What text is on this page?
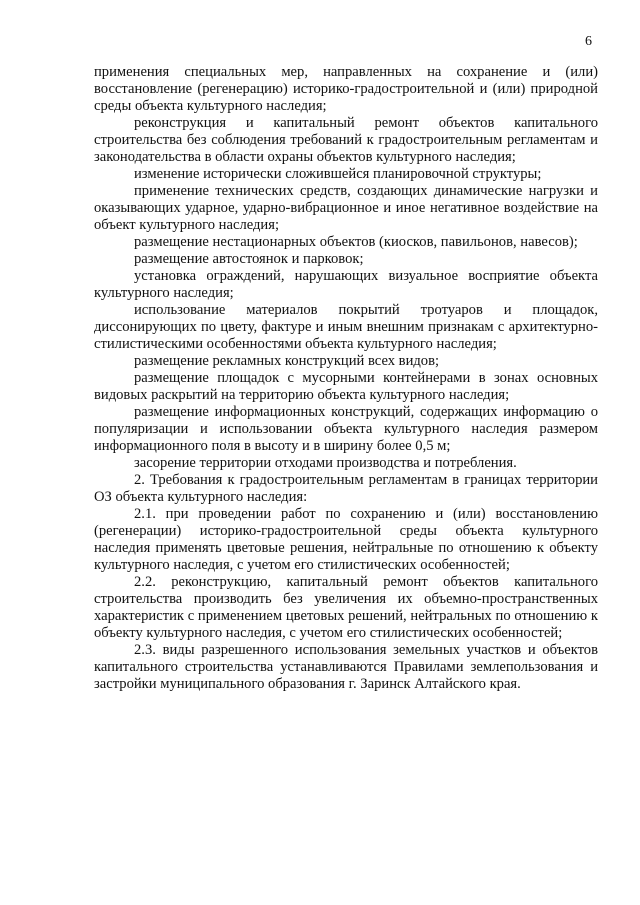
6

применения специальных мер, направленных на сохранение и (или) восстановление (регенерацию) историко-градостроительной и (или) природной среды объекта культурного наследия;

реконструкция и капитальный ремонт объектов капитального строительства без соблюдения требований к градостроительным регламентам и законодательства в области охраны объектов культурного наследия;

изменение исторически сложившейся планировочной структуры;

применение технических средств, создающих динамические нагрузки и оказывающих ударное, ударно-вибрационное и иное негативное воздействие на объект культурного наследия;

размещение нестационарных объектов (киосков, павильонов, навесов);

размещение автостоянок и парковок;

установка ограждений, нарушающих визуальное восприятие объекта культурного наследия;

использование материалов покрытий тротуаров и площадок, диссонирующих по цвету, фактуре и иным внешним признакам с архитектурно-стилистическими особенностями объекта культурного наследия;

размещение рекламных конструкций всех видов;

размещение площадок с мусорными контейнерами в зонах основных видовых раскрытий на территорию объекта культурного наследия;

размещение информационных конструкций, содержащих информацию о популяризации и использовании объекта культурного наследия размером информационного поля в высоту и в ширину более 0,5 м;

засорение территории отходами производства и потребления.

2. Требования к градостроительным регламентам в границах территории ОЗ объекта культурного наследия:

2.1. при проведении работ по сохранению и (или) восстановлению (регенерации) историко-градостроительной среды объекта культурного наследия применять цветовые решения, нейтральные по отношению к объекту культурного наследия, с учетом его стилистических особенностей;

2.2. реконструкцию, капитальный ремонт объектов капитального строительства производить без увеличения их объемно-пространственных характеристик с применением цветовых решений, нейтральных по отношению к объекту культурного наследия, с учетом его стилистических особенностей;

2.3. виды разрешенного использования земельных участков и объектов капитального строительства устанавливаются Правилами землепользования и застройки муниципального образования г. Заринск Алтайского края.
